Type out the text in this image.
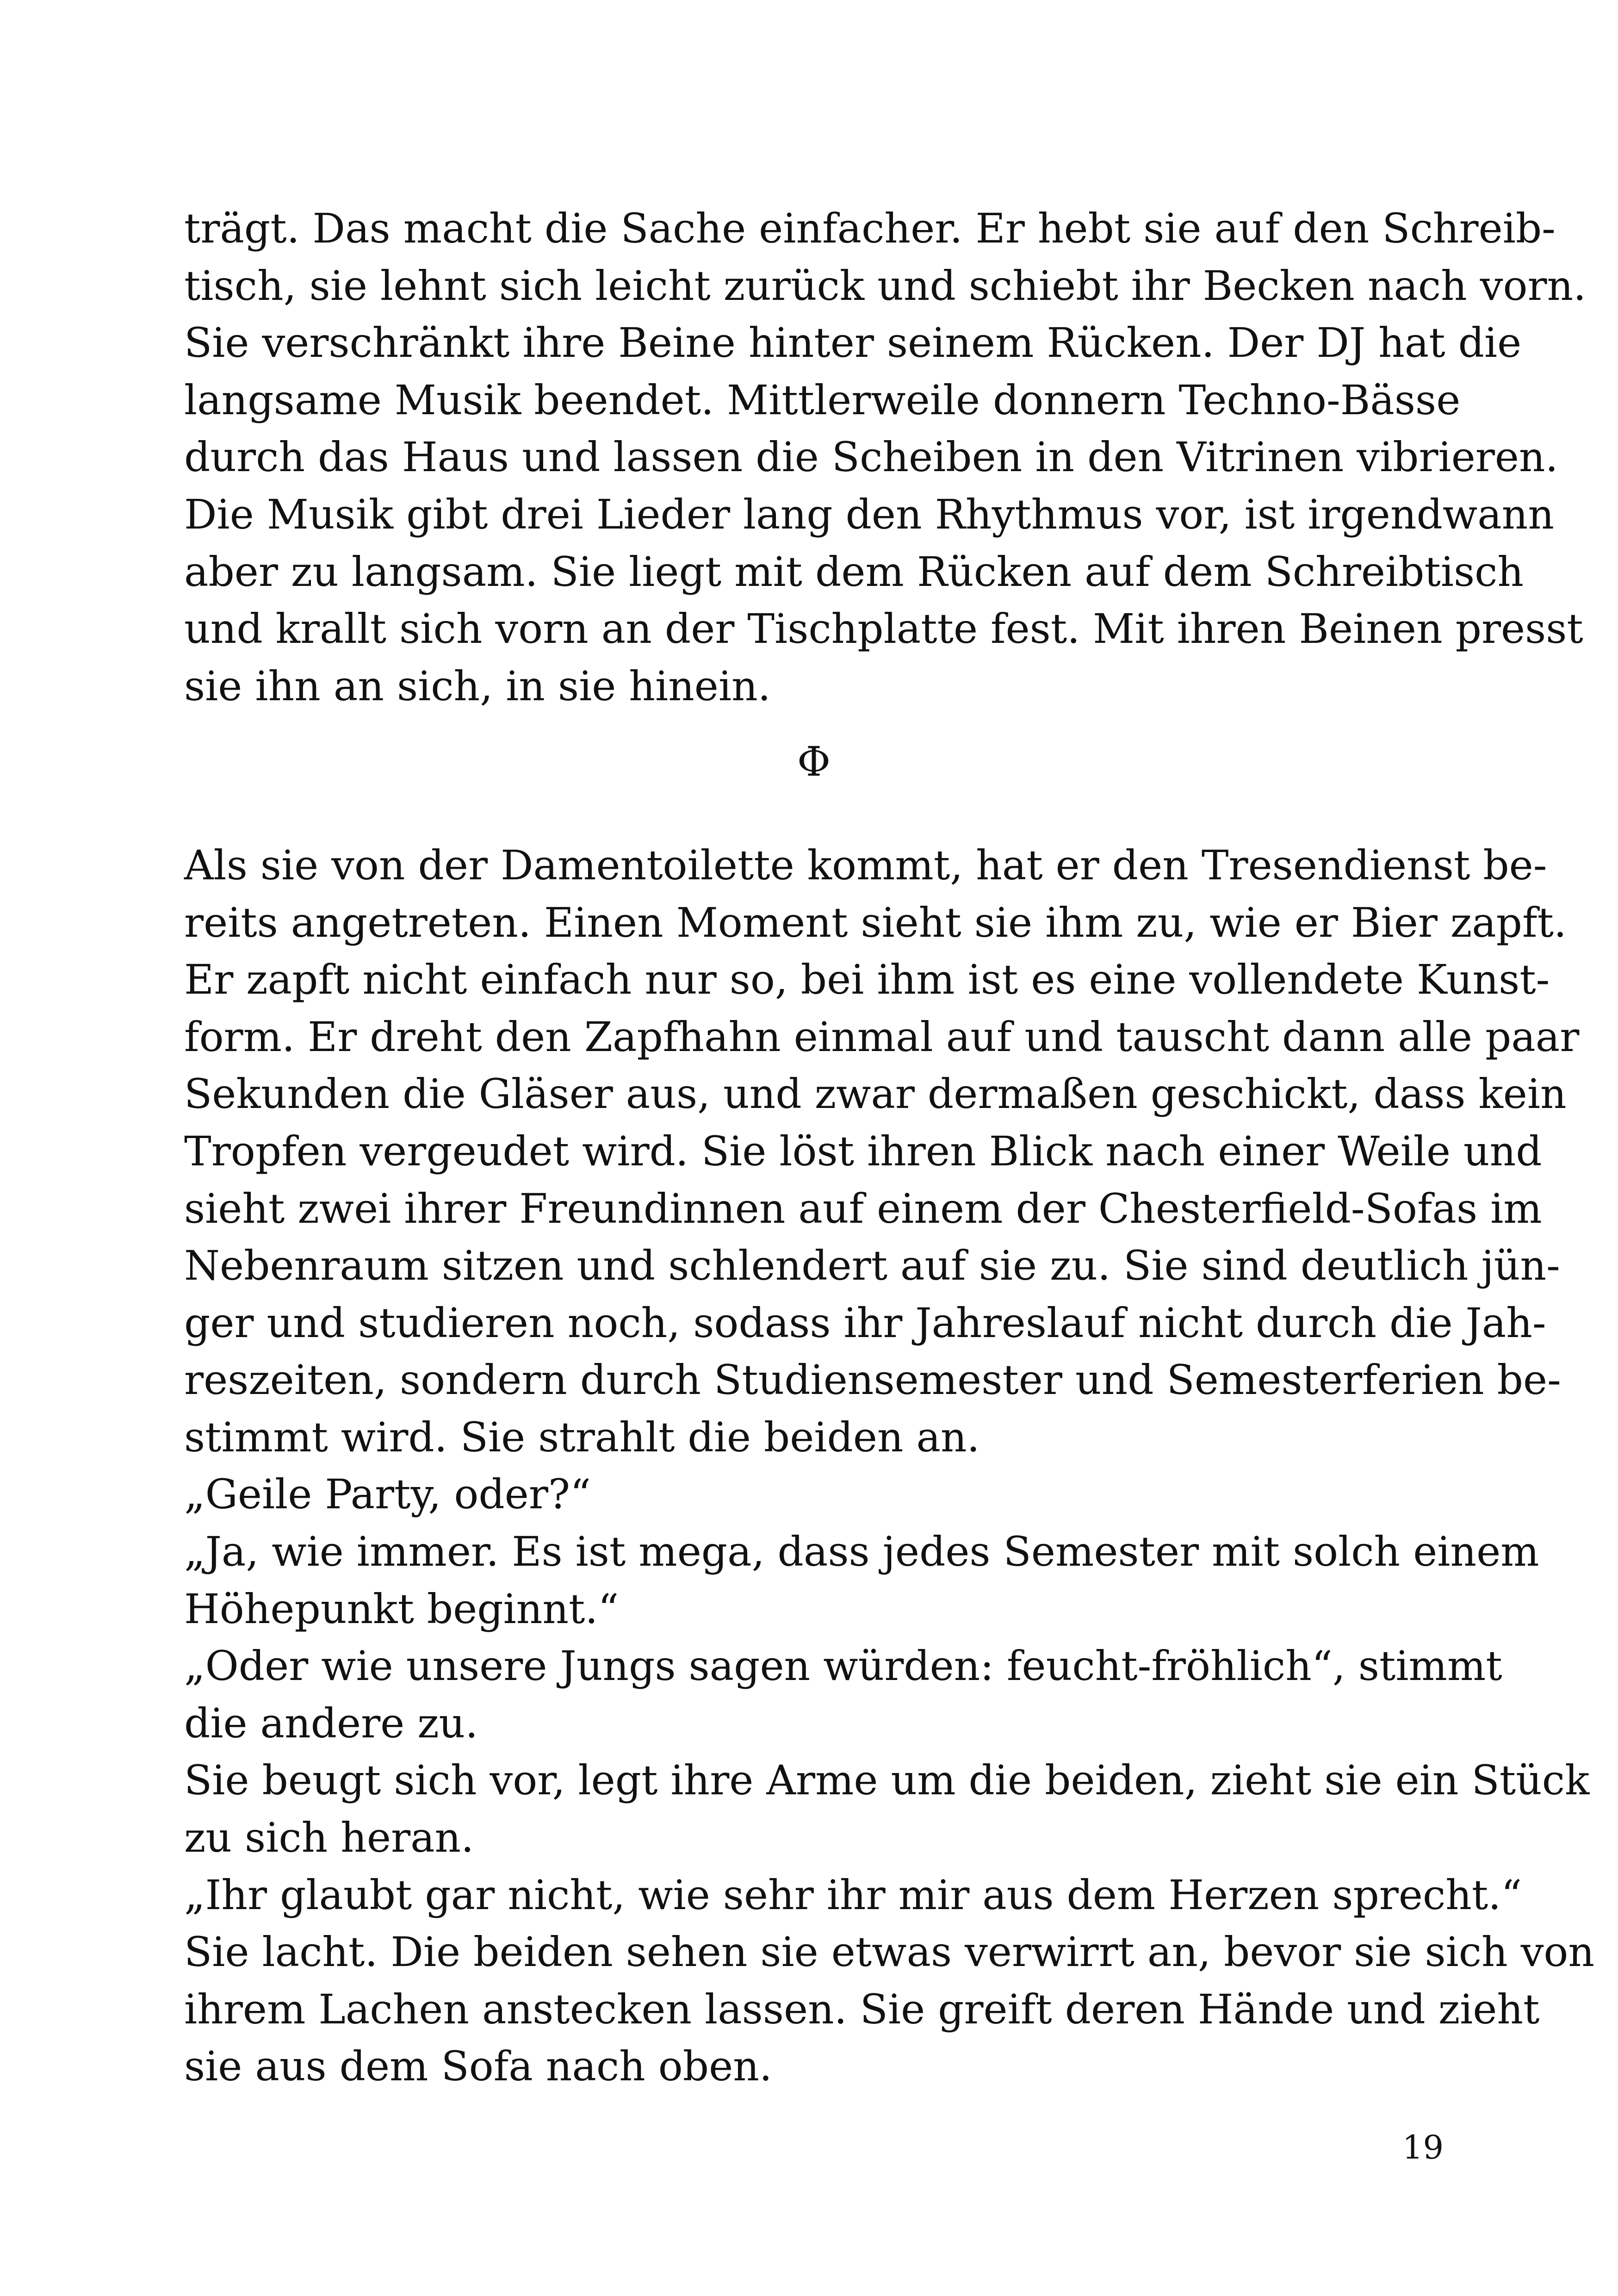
trägt. Das macht die Sache einfacher. Er hebt sie auf den Schreib-
tisch, sie lehnt sich leicht zurück und schiebt ihr Becken nach vorn.
Sie verschränkt ihre Beine hinter seinem Rücken. Der DJ hat die
langsame Musik beendet. Mittlerweile donnern Techno-Bässe
durch das Haus und lassen die Scheiben in den Vitrinen vibrieren.
Die Musik gibt drei Lieder lang den Rhythmus vor, ist irgendwann
aber zu langsam. Sie liegt mit dem Rücken auf dem Schreibtisch
und krallt sich vorn an der Tischplatte fest. Mit ihren Beinen presst
sie ihn an sich, in sie hinein.
Φ
Als sie von der Damentoilette kommt, hat er den Tresendienst be-
reits angetreten. Einen Moment sieht sie ihm zu, wie er Bier zapft.
Er zapft nicht einfach nur so, bei ihm ist es eine vollendete Kunst-
form. Er dreht den Zapfhahn einmal auf und tauscht dann alle paar
Sekunden die Gläser aus, und zwar dermaßen geschickt, dass kein
Tropfen vergeudet wird. Sie löst ihren Blick nach einer Weile und
sieht zwei ihrer Freundinnen auf einem der Chesterfield-Sofas im
Nebenraum sitzen und schlendert auf sie zu. Sie sind deutlich jün-
ger und studieren noch, sodass ihr Jahreslauf nicht durch die Jah-
reszeiten, sondern durch Studiensemester und Semesterferien be-
stimmt wird. Sie strahlt die beiden an.
„Geile Party, oder?“
„Ja, wie immer. Es ist mega, dass jedes Semester mit solch einem
Höhepunkt beginnt.“
„Oder wie unsere Jungs sagen würden: feucht-fröhlich“, stimmt
die andere zu.
Sie beugt sich vor, legt ihre Arme um die beiden, zieht sie ein Stück
zu sich heran.
„Ihr glaubt gar nicht, wie sehr ihr mir aus dem Herzen sprecht.“
Sie lacht. Die beiden sehen sie etwas verwirrt an, bevor sie sich von
ihrem Lachen anstecken lassen. Sie greift deren Hände und zieht
sie aus dem Sofa nach oben.
19
